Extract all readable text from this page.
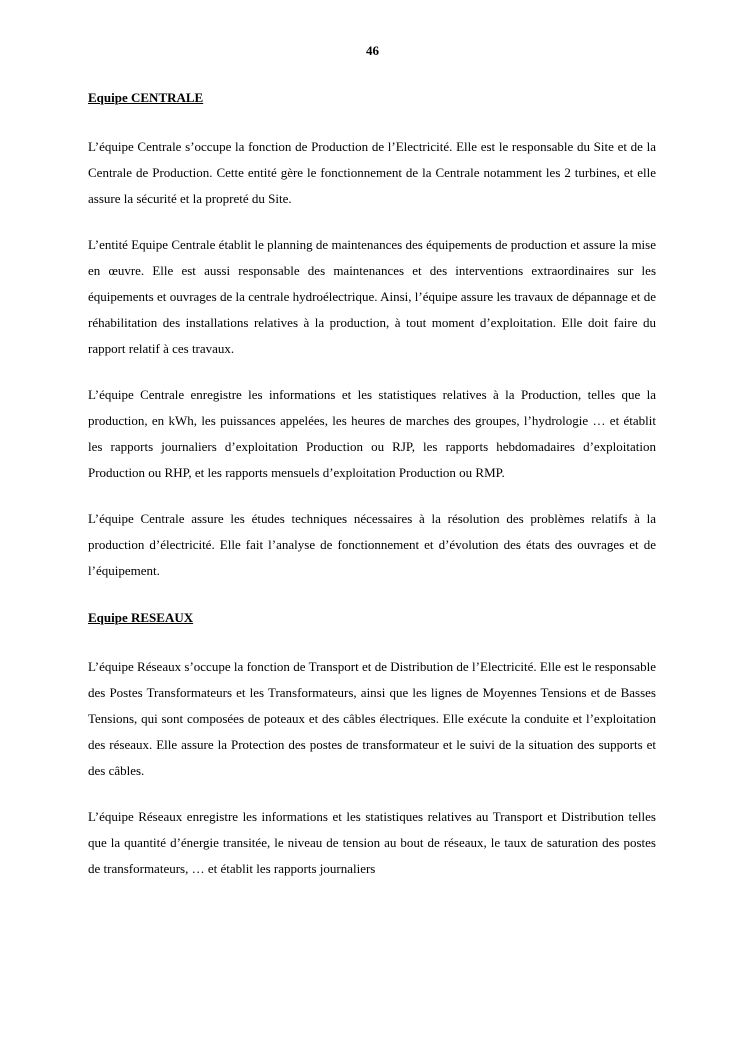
46
Equipe CENTRALE

L’équipe Centrale s’occupe la fonction de Production de l’Electricité. Elle est le responsable du Site et de la Centrale de Production. Cette entité gère le fonctionnement de la Centrale notamment les 2 turbines, et elle assure la sécurité et la propreté du Site.

L’entité Equipe Centrale établit le planning de maintenances des équipements de production et assure la mise en œuvre. Elle est aussi responsable des maintenances et des interventions extraordinaires sur les équipements et ouvrages de la centrale hydroélectrique. Ainsi, l’équipe assure les travaux de dépannage et de réhabilitation des installations relatives à la production, à tout moment d’exploitation. Elle doit faire du rapport relatif à ces travaux.

L’équipe Centrale enregistre les informations et les statistiques relatives à la Production, telles que la production, en kWh, les puissances appelées, les heures de marches des groupes, l’hydrologie … et établit les rapports journaliers d’exploitation Production ou RJP, les rapports hebdomadaires d’exploitation Production ou RHP, et les rapports mensuels d’exploitation Production ou RMP.

L’équipe Centrale assure les études techniques nécessaires à la résolution des problèmes relatifs à la production d’électricité. Elle fait l’analyse de fonctionnement et d’évolution des états des ouvrages et de l’équipement.

Equipe RESEAUX

L’équipe Réseaux s’occupe la fonction de Transport et de Distribution de l’Electricité. Elle est le responsable des Postes Transformateurs et les Transformateurs, ainsi que les lignes de Moyennes Tensions et de Basses Tensions, qui sont composées de poteaux et des câbles électriques. Elle exécute la conduite et l’exploitation des réseaux. Elle assure la Protection des postes de transformateur et le suivi de la situation des supports et des câbles.

L’équipe Réseaux enregistre les informations et les statistiques relatives au Transport et Distribution telles que la quantité d’énergie transitée, le niveau de tension au bout de réseaux, le taux de saturation des postes de transformateurs, … et établit les rapports journaliers
